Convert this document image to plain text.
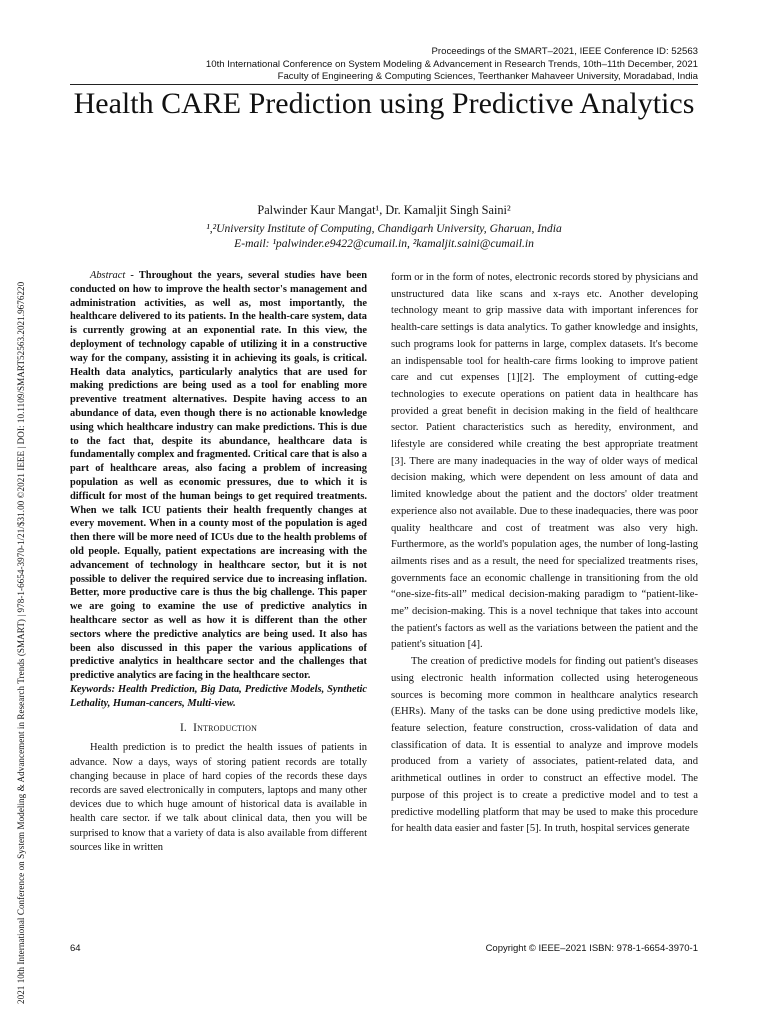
Proceedings of the SMART–2021, IEEE Conference ID: 52563
10th International Conference on System Modeling & Advancement in Research Trends, 10th–11th December, 2021
Faculty of Engineering & Computing Sciences, Teerthanker Mahaveer University, Moradabad, India
2021 10th International Conference on System Modeling & Advancement in Research Trends (SMART) | 978-1-6654-3970-1/21/$31.00 ©2021 IEEE | DOI: 10.1109/SMART52563.2021.9676220
Health CARE Prediction using Predictive Analytics
Palwinder Kaur Mangat¹, Dr. Kamaljit Singh Saini²
¹,²University Institute of Computing, Chandigarh University, Gharuan, India
E-mail: ¹palwinder.e9422@cumail.in, ²kamaljit.saini@cumail.in

Abstract - Throughout the years, several studies have been conducted on how to improve the health sector's management and administration activities, as well as, most importantly, the healthcare delivered to its patients. In the health-care system, data is currently growing at an exponential rate. In this view, the deployment of technology capable of utilizing it in a constructive way for the company, assisting it in achieving its goals, is critical. Health data analytics, particularly analytics that are used for making predictions are being used as a tool for enabling more preventive treatment alternatives. Despite having access to an abundance of data, even though there is no actionable knowledge using which healthcare industry can make predictions. This is due to the fact that, despite its abundance, healthcare data is fundamentally complex and fragmented. Critical care that is also a part of healthcare areas, also facing a problem of increasing population as well as economic pressures, due to which it is difficult for most of the human beings to get required treatments. When we talk ICU patients their health frequently changes at every movement. When in a county most of the population is aged then there will be more need of ICUs due to the health problems of old people. Equally, patient expectations are increasing with the advancement of technology in healthcare sector, but it is not possible to deliver the required service due to increasing inflation. Better, more productive care is thus the big challenge. This paper we are going to examine the use of predictive analytics in healthcare sector as well as how it is different than the other sectors where the predictive analytics are being used. It also has been also discussed in this paper the various applications of predictive analytics in healthcare sector and the challenges that predictive analytics are facing in the healthcare sector.

Keywords: Health Prediction, Big Data, Predictive Models, Synthetic Lethality, Human-cancers, Multi-view.

I. Introduction

Health prediction is to predict the health issues of patients in advance. Now a days, ways of storing patient records are totally changing because in place of hard copies of the records these days records are saved electronically in computers, laptops and many other devices due to which huge amount of historical data is available in health care sector. if we talk about clinical data, then you will be surprised to know that a variety of data is also available from different sources like in written

form or in the form of notes, electronic records stored by physicians and unstructured data like scans and x-rays etc. Another developing technology meant to grip massive data with important inferences for health-care settings is data analytics. To gather knowledge and insights, such programs look for patterns in large, complex datasets. It's become an indispensable tool for health-care firms looking to improve patient care and cut expenses [1][2]. The employment of cutting-edge technologies to execute operations on patient data in healthcare has provided a great benefit in decision making in the field of healthcare sector. Patient characteristics such as heredity, environment, and lifestyle are considered while creating the best appropriate treatment [3]. There are many inadequacies in the way of older ways of medical decision making, which were dependent on less amount of data and limited knowledge about the patient and the doctors' older treatment experience also not available. Due to these inadequacies, there was poor quality healthcare and cost of treatment was also very high. Furthermore, as the world's population ages, the number of long-lasting ailments rises and as a result, the need for specialized treatments rises, governments face an economic challenge in transitioning from the old “one-size-fits-all” medical decision-making paradigm to “patient-like-me” decision-making. This is a novel technique that takes into account the patient's factors as well as the variations between the patient and the patient's situation [4].

The creation of predictive models for finding out patient's diseases using electronic health information collected using heterogeneous sources is becoming more common in healthcare analytics research (EHRs). Many of the tasks can be done using predictive models like, feature selection, feature construction, cross-validation of data and classification of data. It is essential to analyze and improve models produced from a variety of associates, patient-related data, and arithmetical outlines in order to construct an effective model. The purpose of this project is to create a predictive model and to test a predictive modelling platform that may be used to make this procedure for health data easier and faster [5]. In truth, hospital services generate

64	Copyright © IEEE–2021 ISBN: 978-1-6654-3970-1
